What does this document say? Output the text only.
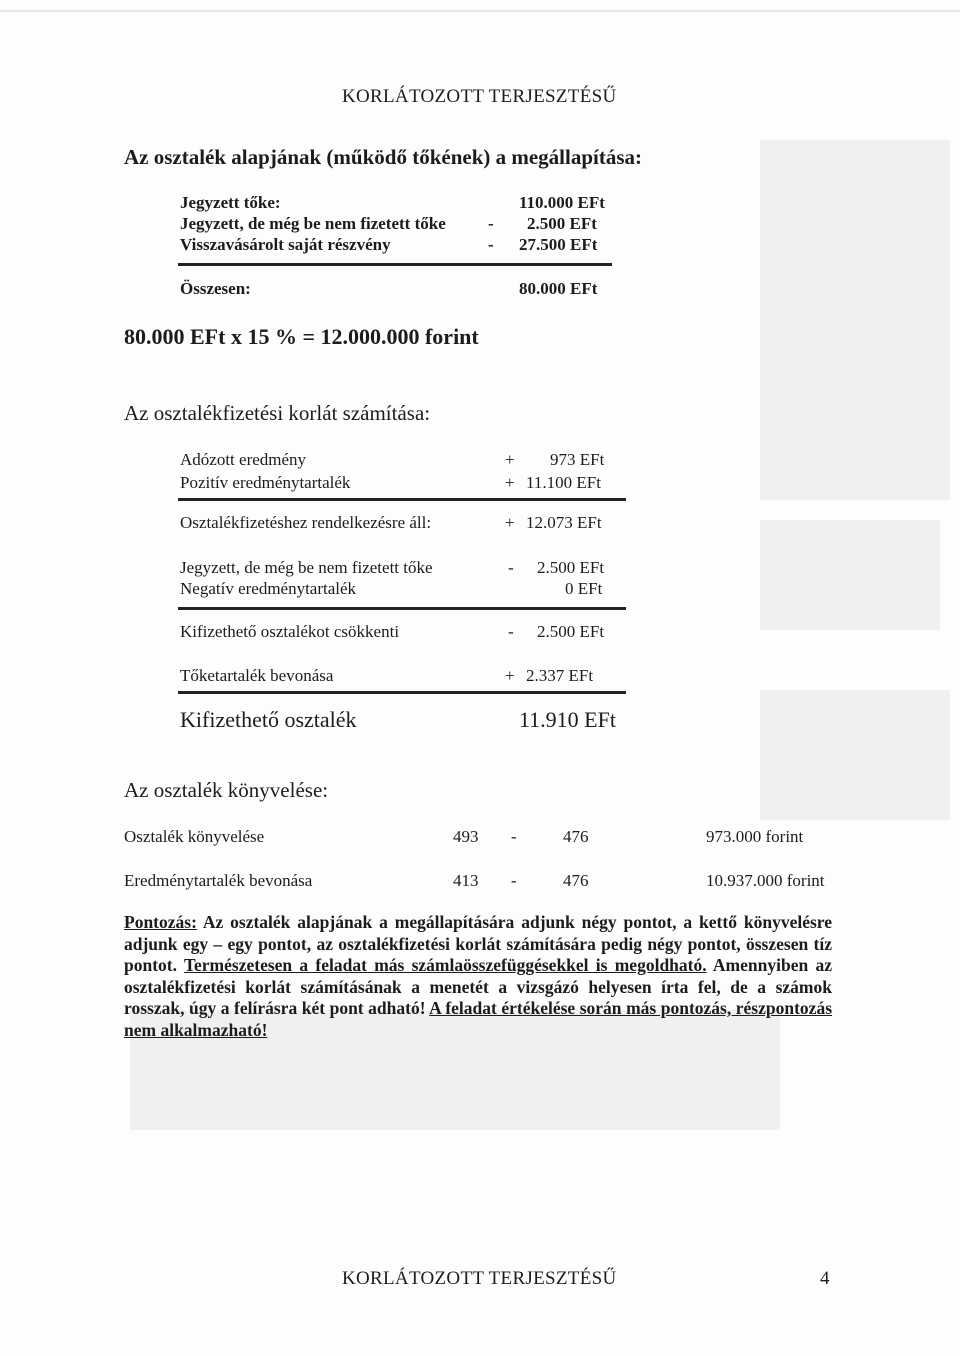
KORLÁTOZOTT TERJESZTÉSŰ
Az osztalék alapjának (működő tőkének) a megállapítása:
Jegyzett tőke:	110.000 EFt
Jegyzett, de még be nem fizetett tőke - 2.500 EFt
Visszavásárolt saját részvény	- 27.500 EFt
Összesen:	80.000 EFt
80.000 EFt x 15 % = 12.000.000 forint
Az osztalékfizetési korlát számítása:
Adózott eredmény	+ 973 EFt
Pozitív eredménytartalék	+ 11.100 EFt
Osztalékfizetéshez rendelkezésre áll:	+ 12.073 EFt
Jegyzett, de még be nem fizetett tőke	- 2.500 EFt
Negatív eredménytartalék	0 EFt
Kifizethető osztalékot csökkenti	- 2.500 EFt
Tőketartalék bevonása	+ 2.337 EFt
Kifizethető osztalék	11.910 EFt
Az osztalék könyvelése:
Osztalék könyvelése	493 -	476	973.000 forint
Eredménytartalék bevonása	413 -	476	10.937.000 forint
Pontozás: Az osztalék alapjának a megállapítására adjunk négy pontot, a kettő könyvelésre adjunk egy – egy pontot, az osztalékfizetési korlát számítására pedig négy pontot, összesen tíz pontot. Természetesen a feladat más számlaösszefüggésekkel is megoldható. Amennyiben az osztalékfizetési korlát számításának a menetét a vizsgázó helyesen írta fel, de a számok rosszak, úgy a felírásra két pont adható! A feladat értékelése során más pontozás, részpontozás nem alkalmazható!
KORLÁTOZOTT TERJESZTÉSŰ	4
